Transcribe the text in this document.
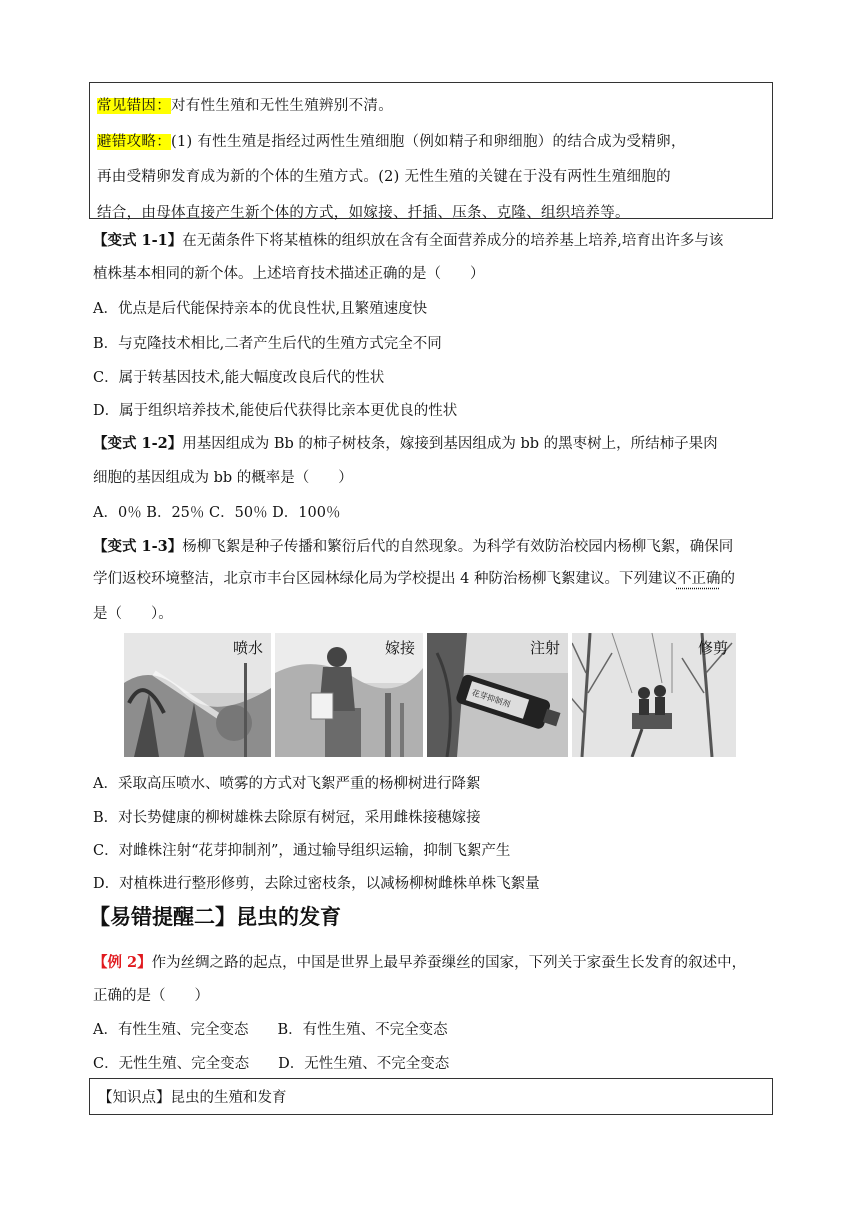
常见错因：对有性生殖和无性生殖辨别不清。
避错攻略：(1) 有性生殖是指经过两性生殖细胞（例如精子和卵细胞）的结合成为受精卵，
再由受精卵发育成为新的个体的生殖方式。(2) 无性生殖的关键在于没有两性生殖细胞的
结合，由母体直接产生新个体的方式，如嫁接、扦插、压条、克隆、组织培养等。
【变式 1-1】在无菌条件下将某植株的组织放在含有全面营养成分的培养基上培养,培育出许多与该
植株基本相同的新个体。上述培育技术描述正确的是（　　）
A．优点是后代能保持亲本的优良性状,且繁殖速度快
B．与克隆技术相比,二者产生后代的生殖方式完全不同
C．属于转基因技术,能大幅度改良后代的性状
D．属于组织培养技术,能使后代获得比亲本更优良的性状
【变式 1-2】用基因组成为 Bb 的柿子树枝条，嫁接到基因组成为 bb 的黑枣树上，所结柿子果肉
细胞的基因组成为 bb 的概率是（　　）
A．0％ B．25％ C．50％ D．100％
【变式 1-3】杨柳飞絮是种子传播和繁衍后代的自然现象。为科学有效防治校园内杨柳飞絮，确保同
学们返校环境整洁，北京市丰台区园林绿化局为学校提出 4 种防治杨柳飞絮建议。下列建议不正确的
是（　　）。
喷水	嫁接	注射
花芽抑制剂
修剪
A．采取高压喷水、喷雾的方式对飞絮严重的杨柳树进行降絮
B．对长势健康的柳树雄株去除原有树冠，采用雌株接穗嫁接
C．对雌株注射“花芽抑制剂”，通过输导组织运输，抑制飞絮产生
D．对植株进行整形修剪，去除过密枝条，以减杨柳树雌株单株飞絮量
【易错提醒二】昆虫的发育
【例 2】作为丝绸之路的起点，中国是世界上最早养蚕缫丝的国家，下列关于家蚕生长发育的叙述中，
正确的是（　　）
A．有性生殖、完全变态　　B．有性生殖、不完全变态
C．无性生殖、完全变态　　D．无性生殖、不完全变态
【知识点】昆虫的生殖和发育
